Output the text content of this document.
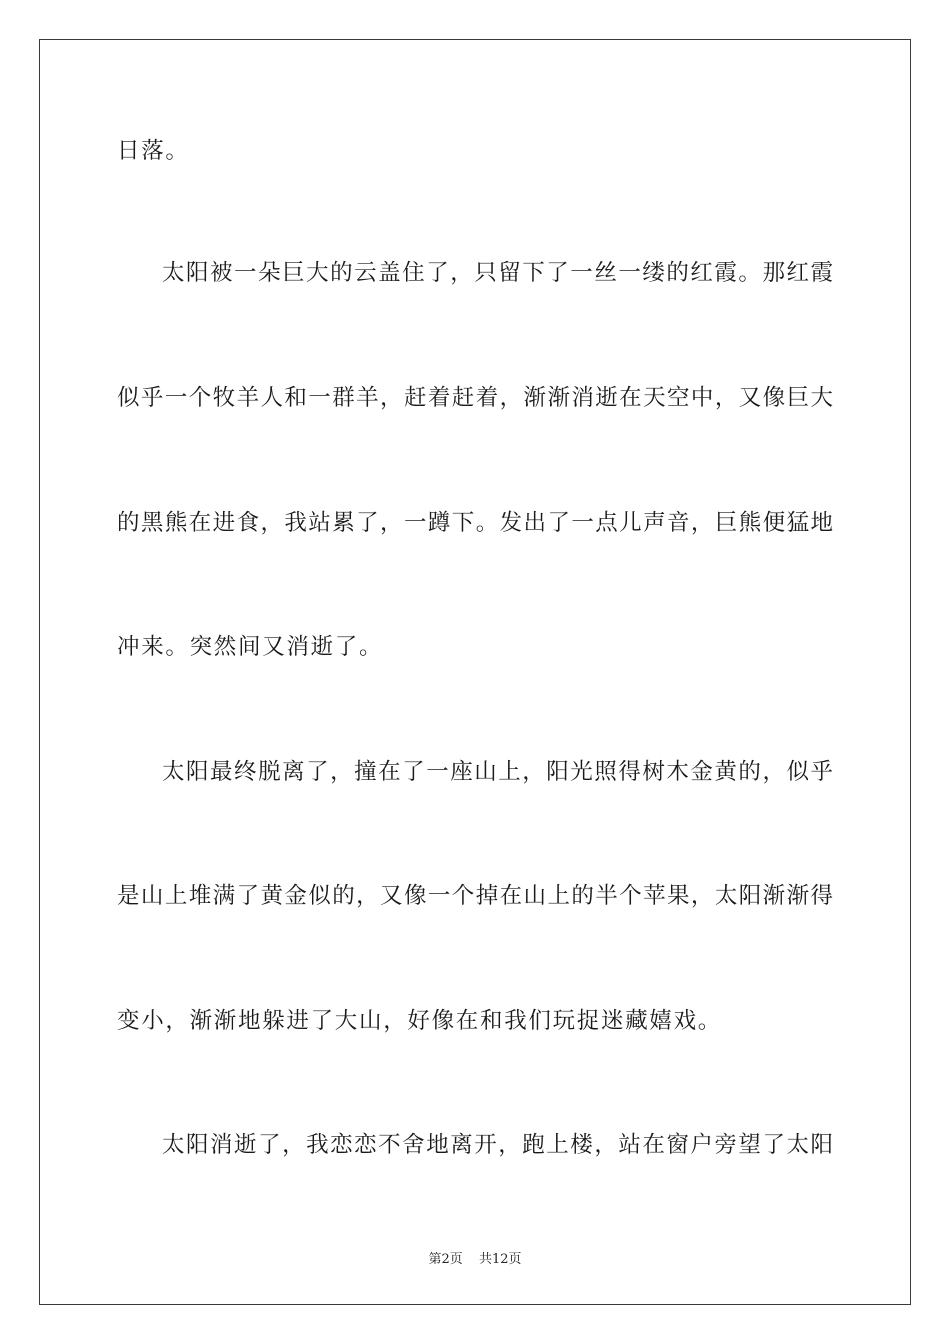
日落。
太阳被一朵巨大的云盖住了，只留下了一丝一缕的红霞。那红霞
似乎一个牧羊人和一群羊，赶着赶着，渐渐消逝在天空中，又像巨大
的黑熊在进食，我站累了，一蹲下。发出了一点儿声音，巨熊便猛地
冲来。突然间又消逝了。
太阳最终脱离了，撞在了一座山上，阳光照得树木金黄的，似乎
是山上堆满了黄金似的，又像一个掉在山上的半个苹果，太阳渐渐得
变小，渐渐地躲进了大山，好像在和我们玩捉迷藏嬉戏。
太阳消逝了，我恋恋不舍地离开，跑上楼，站在窗户旁望了太阳
第2页 共12页
